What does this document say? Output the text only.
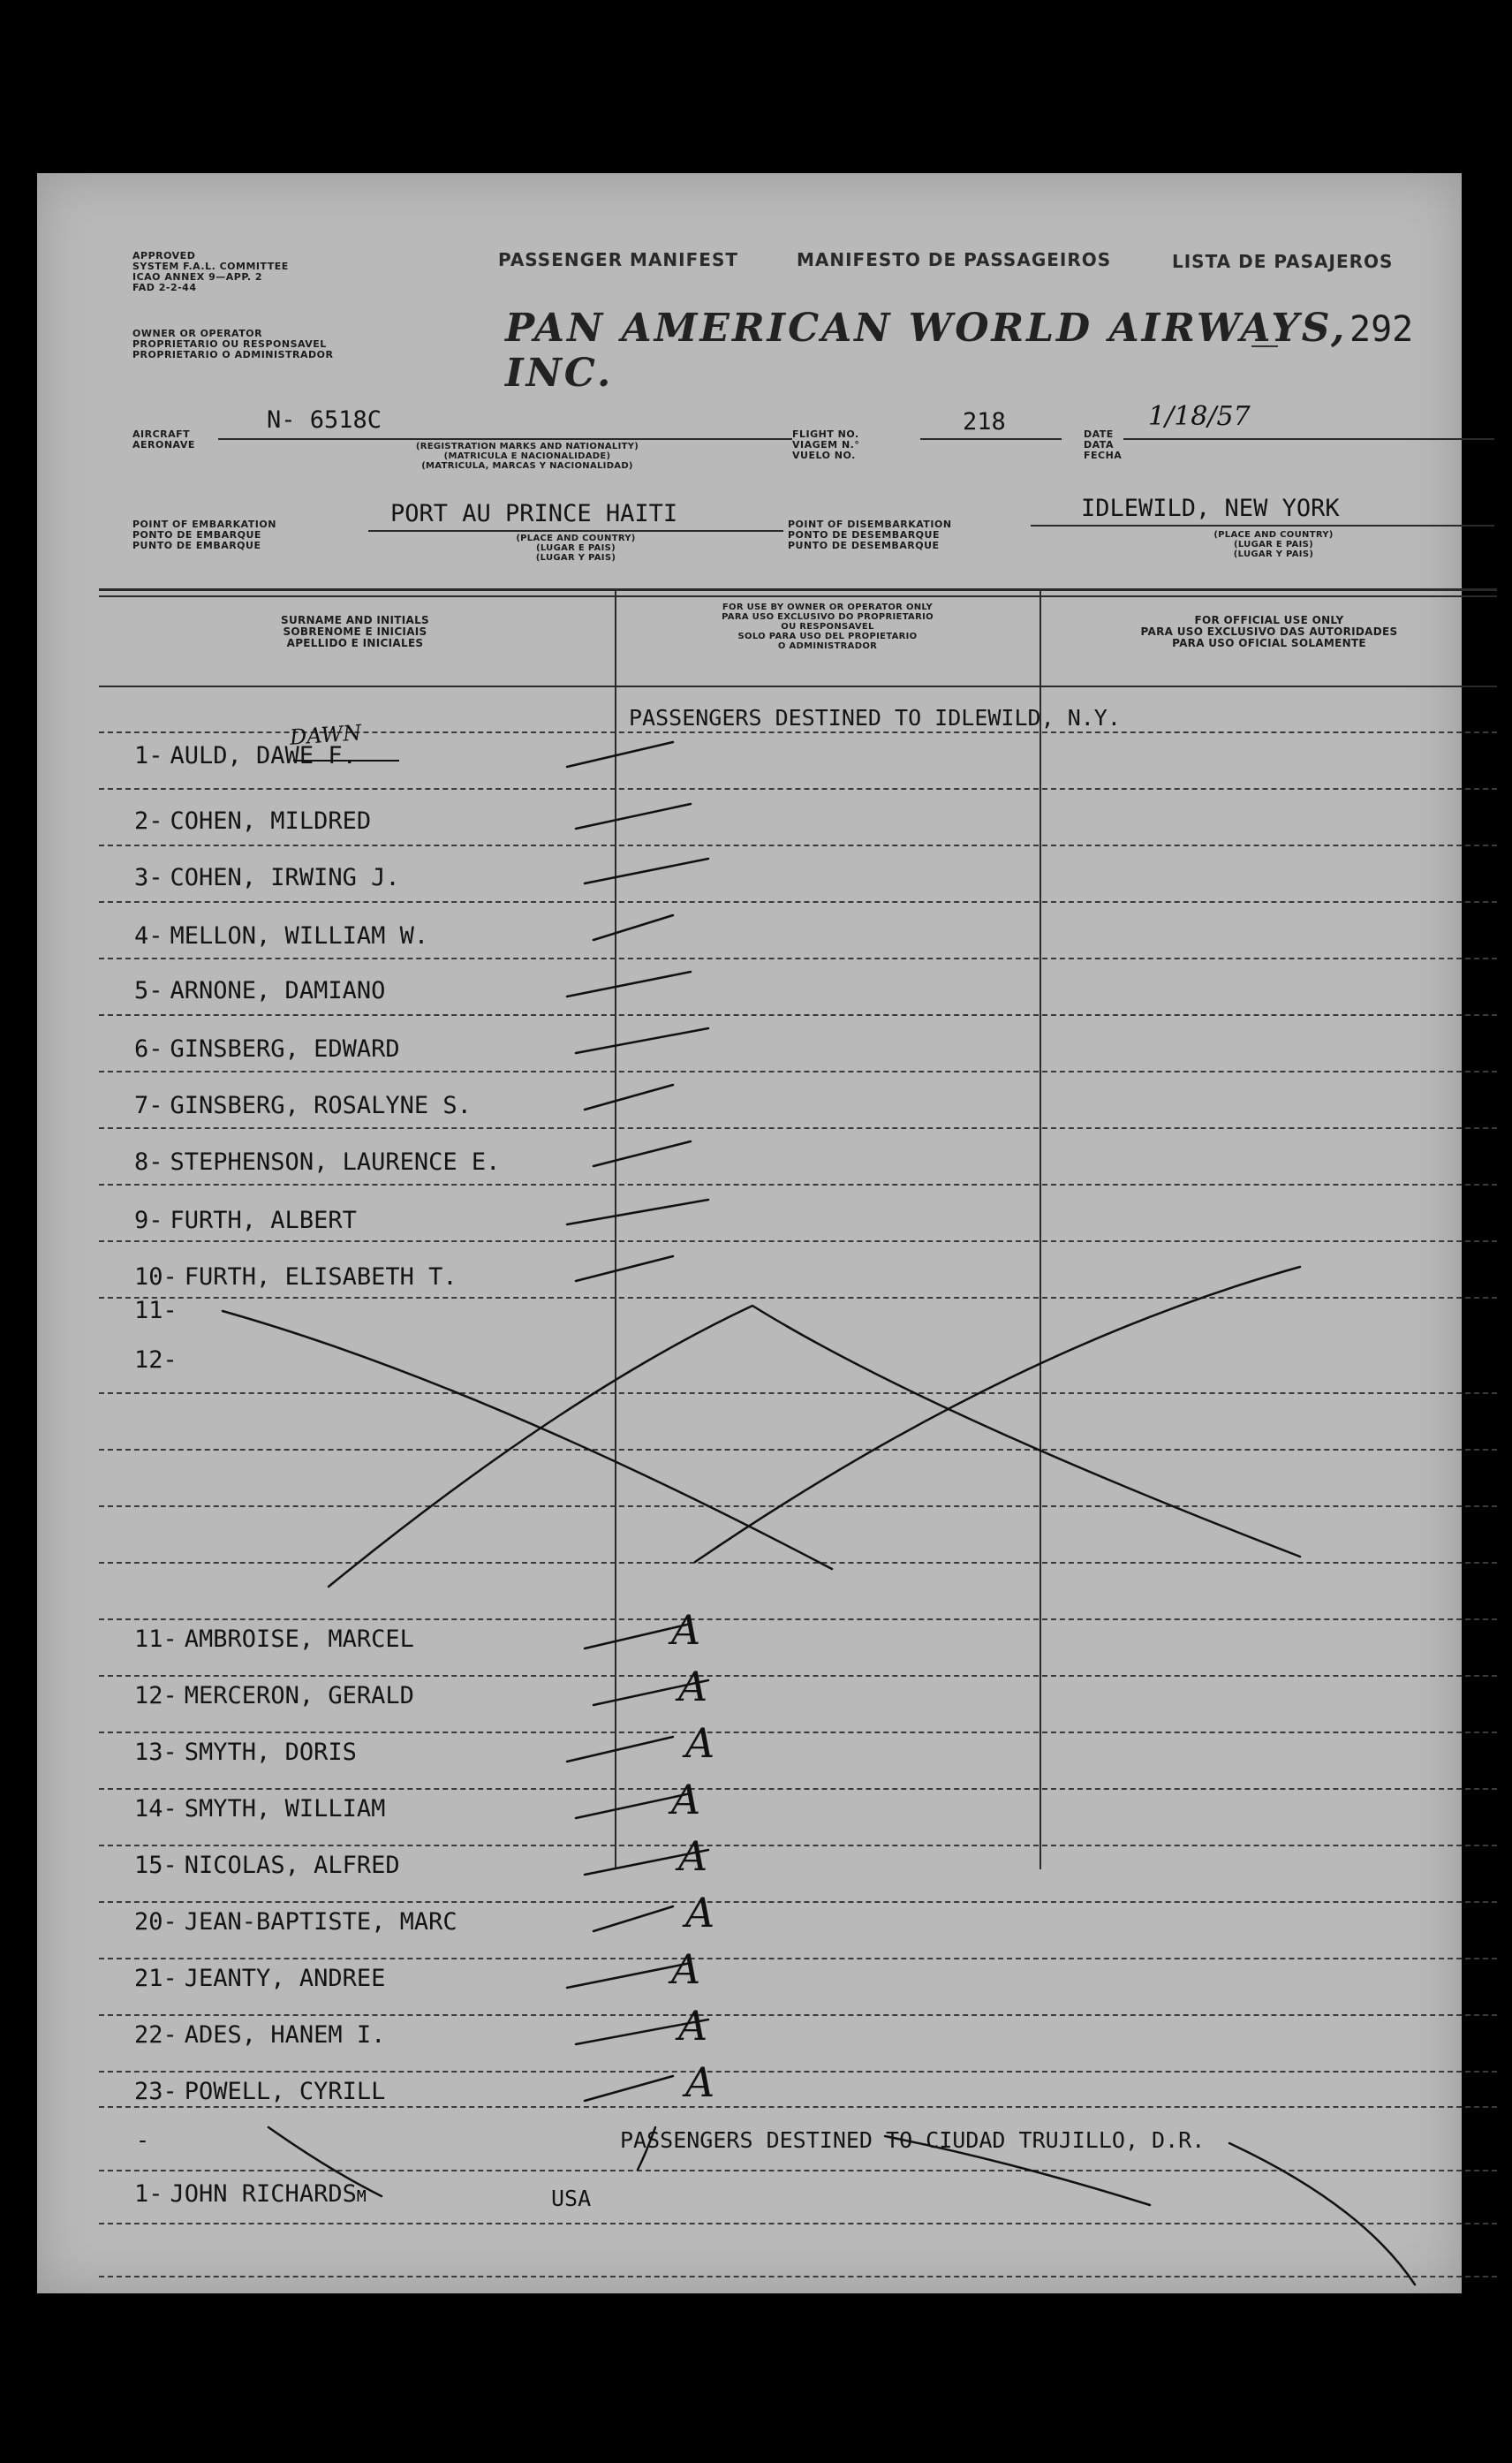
APPROVED
SYSTEM F.A.L. COMMITTEE
ICAO ANNEX 9—APP. 2
FAD 2-2-44
OWNER OR OPERATOR
PROPRIETARIO OU RESPONSAVEL
PROPRIETARIO O ADMINISTRADOR
PASSENGER MANIFEST	MANIFESTO DE PASSAGEIROS	LISTA DE PASAJEROS
PAN AMERICAN WORLD AIRWAYS, INC.
292
AIRCRAFT
AERONAVE
N- 6518C
(REGISTRATION MARKS AND NATIONALITY)
(MATRICULA E NACIONALIDADE)
(MATRICULA, MARCAS Y NACIONALIDAD)
FLIGHT NO.
VIAGEM N.°
VUELO NO.
218	DATE
DATA
FECHA
1/18/57
POINT OF EMBARKATION
PONTO DE EMBARQUE
PUNTO DE EMBARQUE
PORT AU PRINCE HAITI
(PLACE AND COUNTRY)
(LUGAR E PAIS)
(LUGAR Y PAIS)
POINT OF DISEMBARKATION
PONTO DE DESEMBARQUE
PUNTO DE DESEMBARQUE
IDLEWILD, NEW YORK
(PLACE AND COUNTRY)
(LUGAR E PAIS)
(LUGAR Y PAIS)
SURNAME AND INITIALS
SOBRENOME E INICIAIS
APELLIDO E INICIALES
FOR USE BY OWNER OR OPERATOR ONLY
PARA USO EXCLUSIVO DO PROPRIETARIO
OU RESPONSAVEL
SOLO PARA USO DEL PROPIETARIO
O ADMINISTRADOR
FOR OFFICIAL USE ONLY
PARA USO EXCLUSIVO DAS AUTORIDADES
PARA USO OFICIAL SOLAMENTE
PASSENGERS DESTINED TO IDLEWILD, N.Y.
1- AULD, DAWE F.
2- COHEN, MILDRED
3- COHEN, IRWING J.
4- MELLON, WILLIAM W.
5- ARNONE, DAMIANO
6- GINSBERG, EDWARD
7- GINSBERG, ROSALYNE S.
8- STEPHENSON, LAURENCE E.
9- FURTH, ALBERT
10- FURTH, ELISABETH T.
11-
12-
DAWN
11- AMBROISE, MARCEL	A
12- MERCERON, GERALD	A
13- SMYTH, DORIS	A
14- SMYTH, WILLIAM	A
15- NICOLAS, ALFRED	A
20- JEAN-BAPTISTE, MARC	A
21- JEANTY, ANDREE	A
22- ADES, HANEM I.	A
23- POWELL, CYRILL	A
-	PASSENGERS DESTINED TO CIUDAD TRUJILLO, D.R.
1- JOHN RICHARDSM	USA
